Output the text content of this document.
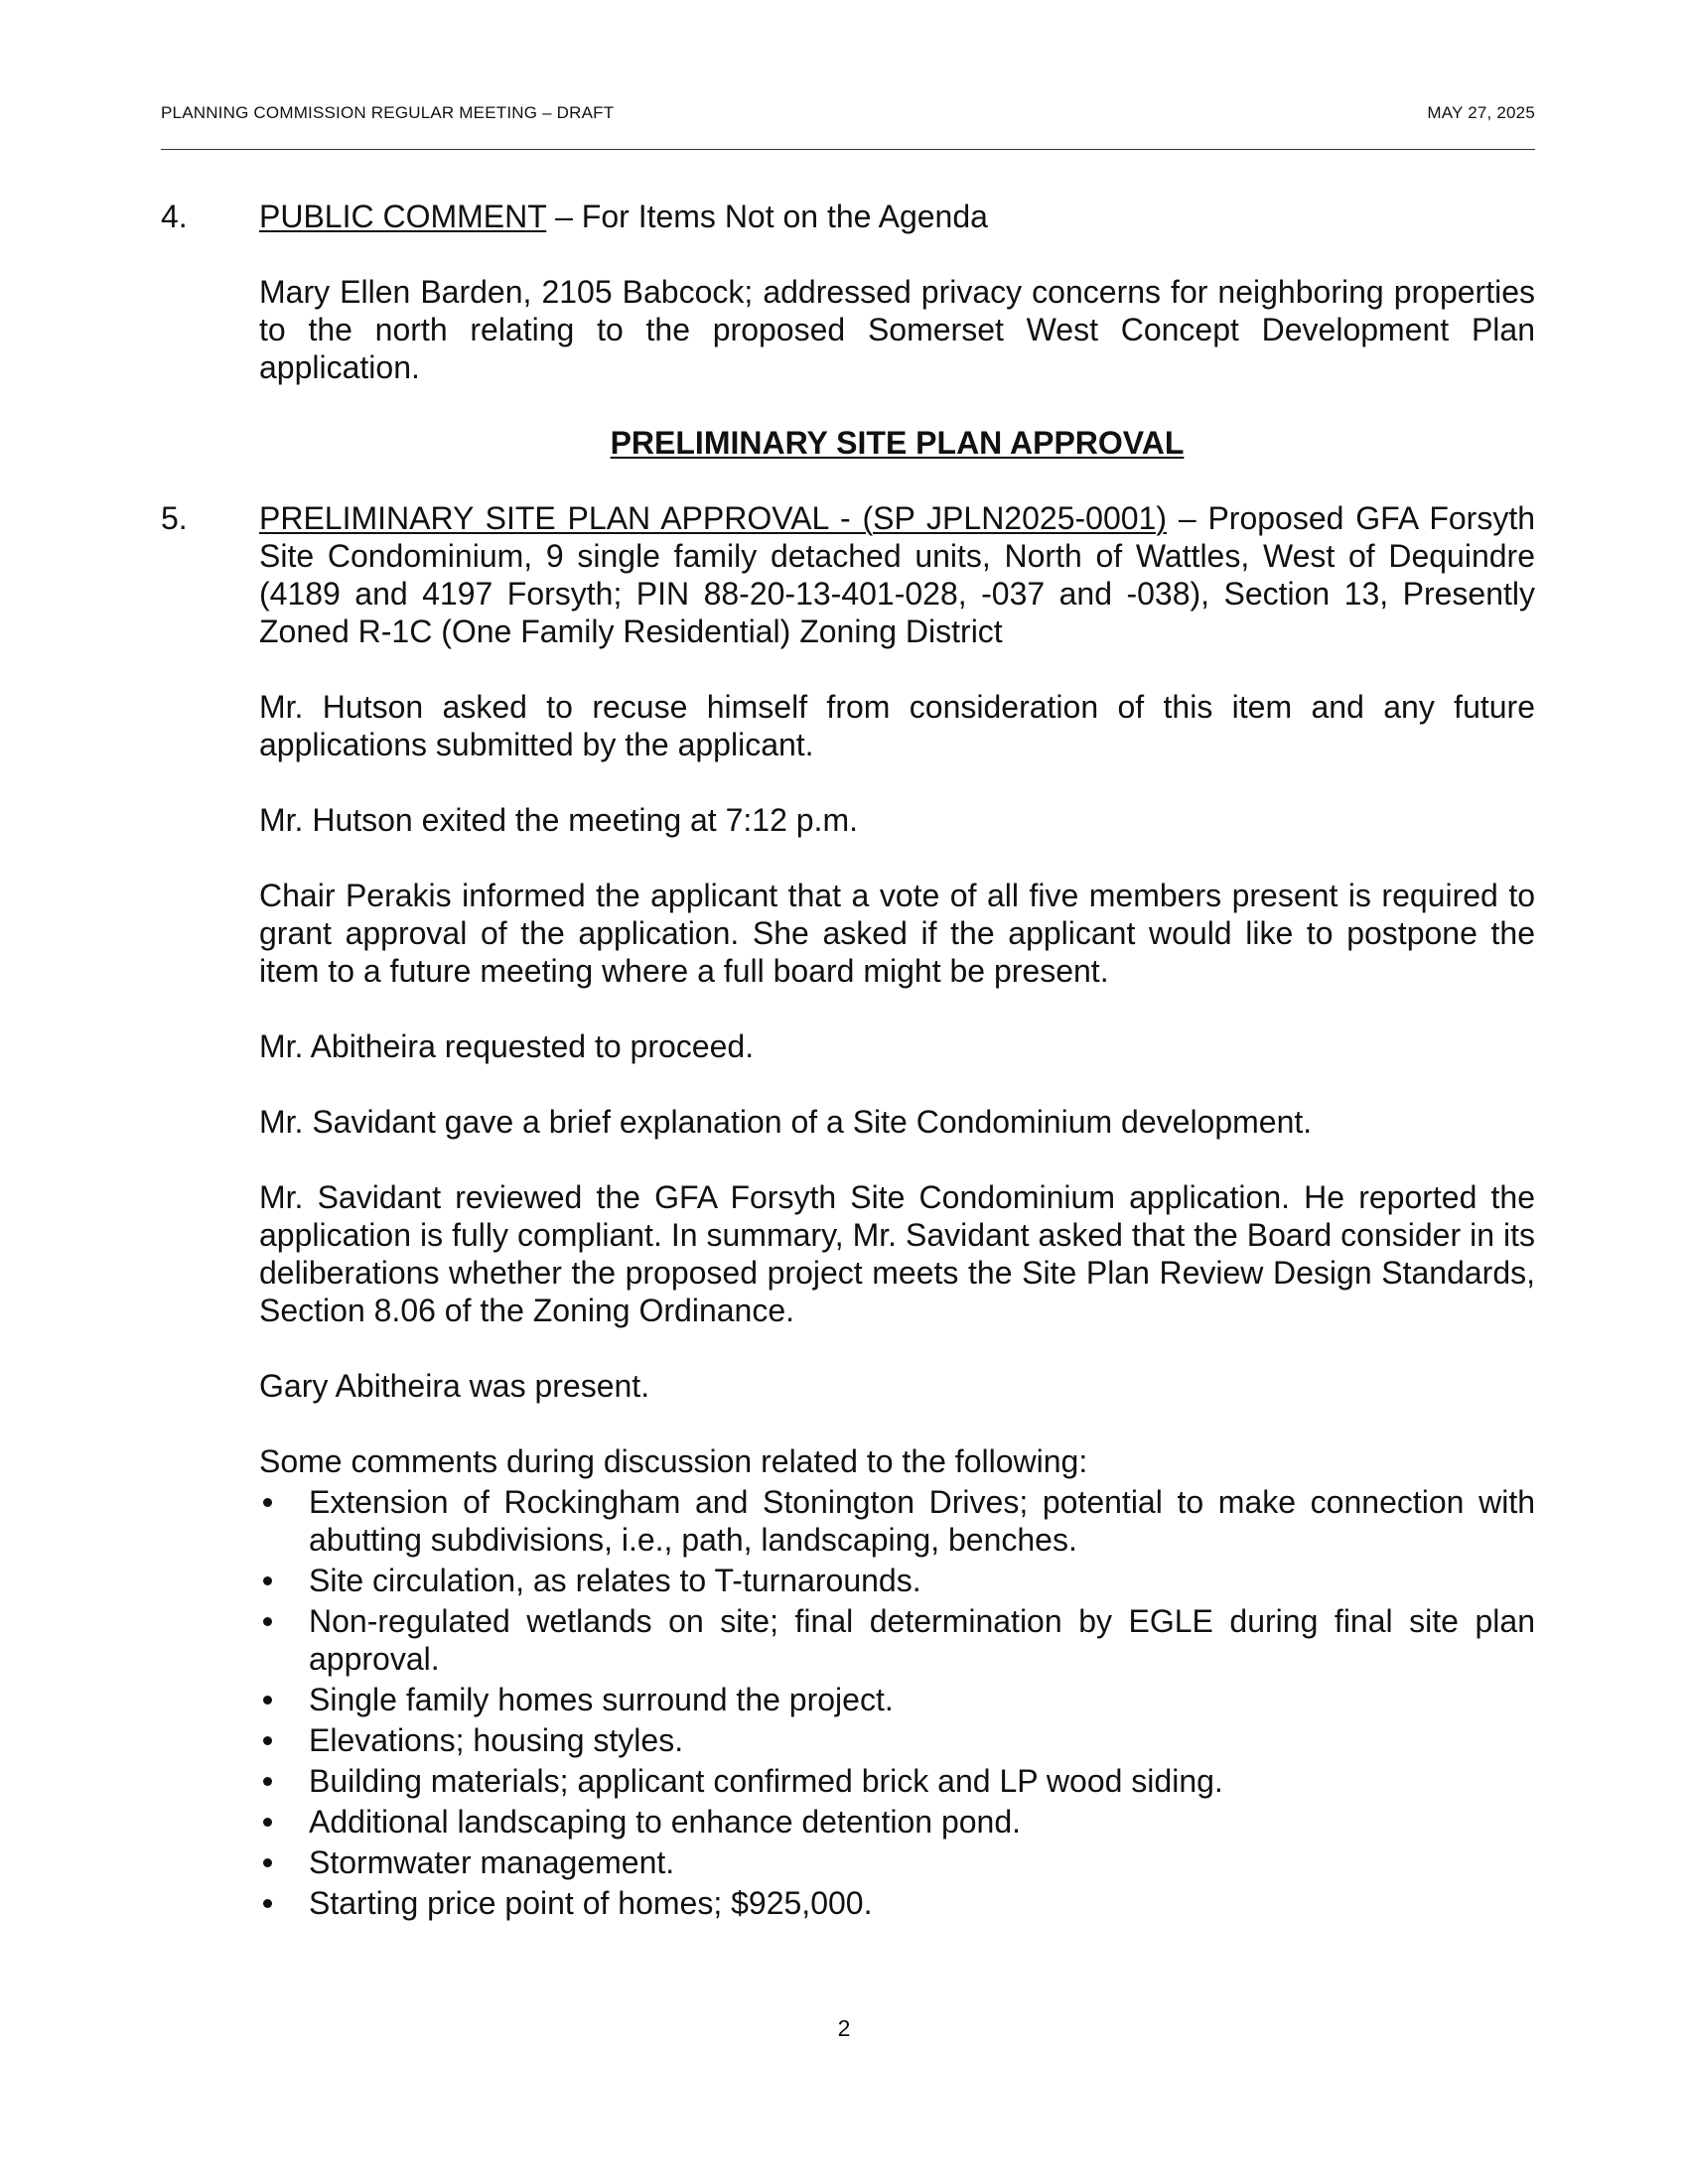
PLANNING COMMISSION REGULAR MEETING – DRAFT	MAY 27, 2025
4. PUBLIC COMMENT – For Items Not on the Agenda
Mary Ellen Barden, 2105 Babcock; addressed privacy concerns for neighboring properties to the north relating to the proposed Somerset West Concept Development Plan application.
PRELIMINARY SITE PLAN APPROVAL
5. PRELIMINARY SITE PLAN APPROVAL - (SP JPLN2025-0001) – Proposed GFA Forsyth Site Condominium, 9 single family detached units, North of Wattles, West of Dequindre (4189 and 4197 Forsyth; PIN 88-20-13-401-028, -037 and -038), Section 13, Presently Zoned R-1C (One Family Residential) Zoning District
Mr. Hutson asked to recuse himself from consideration of this item and any future applications submitted by the applicant.
Mr. Hutson exited the meeting at 7:12 p.m.
Chair Perakis informed the applicant that a vote of all five members present is required to grant approval of the application. She asked if the applicant would like to postpone the item to a future meeting where a full board might be present.
Mr. Abitheira requested to proceed.
Mr. Savidant gave a brief explanation of a Site Condominium development.
Mr. Savidant reviewed the GFA Forsyth Site Condominium application. He reported the application is fully compliant. In summary, Mr. Savidant asked that the Board consider in its deliberations whether the proposed project meets the Site Plan Review Design Standards, Section 8.06 of the Zoning Ordinance.
Gary Abitheira was present.
Some comments during discussion related to the following:
Extension of Rockingham and Stonington Drives; potential to make connection with abutting subdivisions, i.e., path, landscaping, benches.
Site circulation, as relates to T-turnarounds.
Non-regulated wetlands on site; final determination by EGLE during final site plan approval.
Single family homes surround the project.
Elevations; housing styles.
Building materials; applicant confirmed brick and LP wood siding.
Additional landscaping to enhance detention pond.
Stormwater management.
Starting price point of homes; $925,000.
2
